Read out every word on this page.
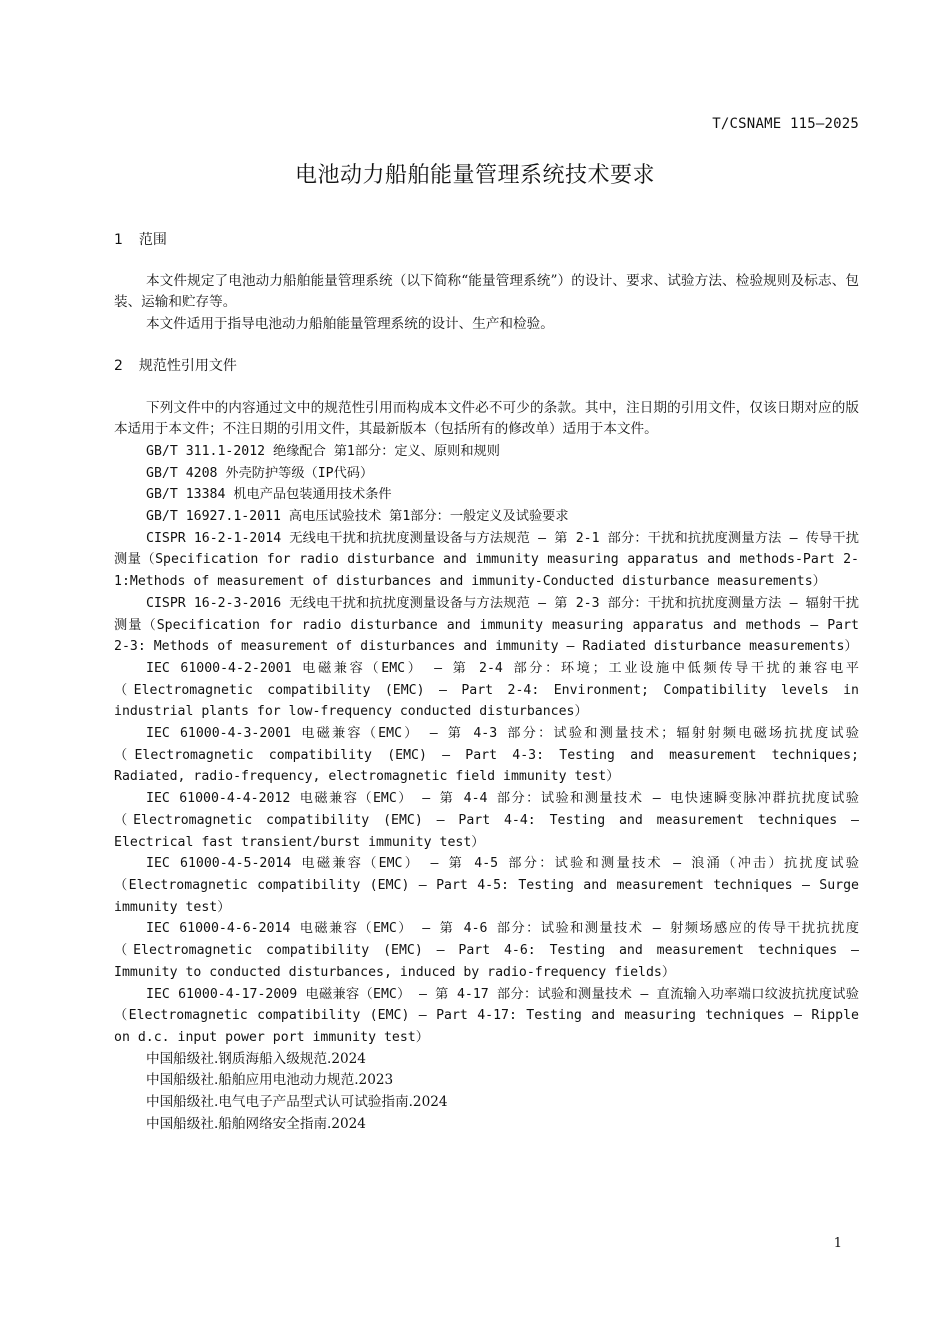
T/CSNAME 115—2025
电池动力船舶能量管理系统技术要求
1 范围

本文件规定了电池动力船舶能量管理系统（以下简称“能量管理系统”）的设计、要求、试验方法、检验规则及标志、包装、运输和贮存等。

本文件适用于指导电池动力船舶能量管理系统的设计、生产和检验。

2 规范性引用文件

下列文件中的内容通过文中的规范性引用而构成本文件必不可少的条款。其中，注日期的引用文件，仅该日期对应的版本适用于本文件；不注日期的引用文件，其最新版本（包括所有的修改单）适用于本文件。

GB/T 311.1-2012 绝缘配合 第1部分：定义、原则和规则

GB/T 4208 外壳防护等级（IP代码）

GB/T 13384 机电产品包装通用技术条件

GB/T 16927.1-2011 高电压试验技术 第1部分：一般定义及试验要求

CISPR 16-2-1-2014 无线电干扰和抗扰度测量设备与方法规范 – 第 2-1 部分：干扰和抗扰度测量方法 – 传导干扰测量（Specification for radio disturbance and immunity measuring apparatus and methods-Part 2-1:Methods of measurement of disturbances and immunity-Conducted disturbance measurements）

CISPR 16-2-3-2016 无线电干扰和抗扰度测量设备与方法规范 – 第 2-3 部分：干扰和抗扰度测量方法 – 辐射干扰测量（Specification for radio disturbance and immunity measuring apparatus and methods – Part 2-3: Methods of measurement of disturbances and immunity – Radiated disturbance measurements）

IEC 61000-4-2-2001 电磁兼容（EMC） – 第 2-4 部分：环境；工业设施中低频传导干扰的兼容电平（Electromagnetic compatibility (EMC) – Part 2-4: Environment; Compatibility levels in industrial plants for low-frequency conducted disturbances）

IEC 61000-4-3-2001 电磁兼容（EMC） – 第 4-3 部分：试验和测量技术；辐射射频电磁场抗扰度试验（Electromagnetic compatibility (EMC) – Part 4-3: Testing and measurement techniques; Radiated, radio-frequency, electromagnetic field immunity test）

IEC 61000-4-4-2012 电磁兼容（EMC） – 第 4-4 部分：试验和测量技术 – 电快速瞬变脉冲群抗扰度试验（Electromagnetic compatibility (EMC) – Part 4-4: Testing and measurement techniques – Electrical fast transient/burst immunity test）

IEC 61000-4-5-2014 电磁兼容（EMC） – 第 4-5 部分：试验和测量技术 – 浪涌（冲击）抗扰度试验（Electromagnetic compatibility (EMC) – Part 4-5: Testing and measurement techniques – Surge immunity test）

IEC 61000-4-6-2014 电磁兼容（EMC） – 第 4-6 部分：试验和测量技术 – 射频场感应的传导干扰抗扰度（Electromagnetic compatibility (EMC) – Part 4-6: Testing and measurement techniques – Immunity to conducted disturbances, induced by radio-frequency fields）

IEC 61000-4-17-2009 电磁兼容（EMC） – 第 4-17 部分：试验和测量技术 – 直流输入功率端口纹波抗扰度试验（Electromagnetic compatibility (EMC) – Part 4-17: Testing and measuring techniques – Ripple on d.c. input power port immunity test）

中国船级社.钢质海船入级规范.2024

中国船级社.船舶应用电池动力规范.2023

中国船级社.电气电子产品型式认可试验指南.2024

中国船级社.船舶网络安全指南.2024

1
